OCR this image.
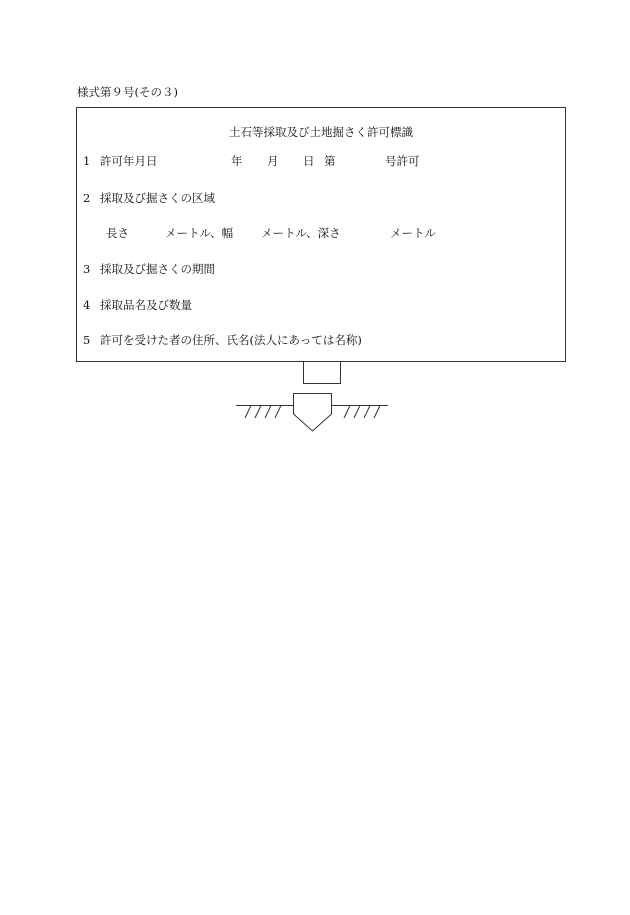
様式第９号(その３)
土石等採取及び土地掘さく許可標識
1 許可年月日	年 月 日 第	号許可
2 採取及び掘さくの区域
長さ	メートル、幅 メートル、深さ	メートル
3 採取及び掘さくの期間
4 採取品名及び数量
5 許可を受けた者の住所、氏名(法人にあっては名称)
